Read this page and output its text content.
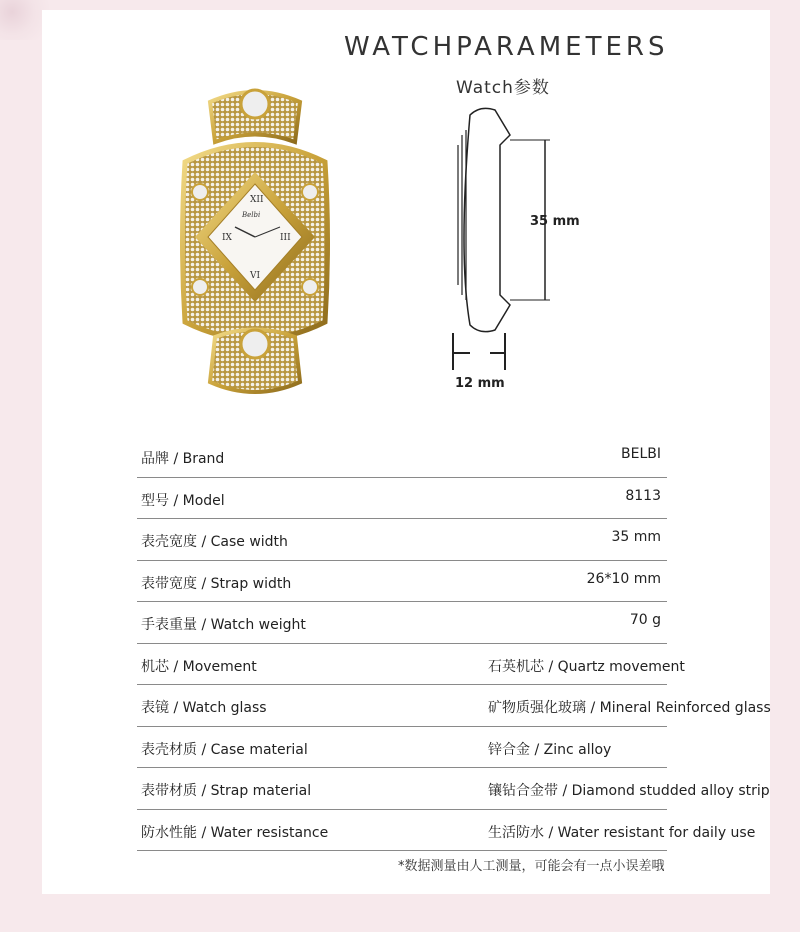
WATCHPARAMETERS
Watch参数
XII
IX	III
VI
Belbi	35 mm
12 mm
品牌 / Brand	BELBI
型号 / Model	8113
表壳宽度 / Case width	35 mm
表带宽度 / Strap width	26*10 mm
手表重量 / Watch weight	70 g
机芯 / Movement	石英机芯 / Quartz movement
表镜 / Watch glass	矿物质强化玻璃 / Mineral Reinforced glass
表壳材质 / Case material	锌合金 / Zinc alloy
表带材质 / Strap material	镶钻合金带 / Diamond studded alloy strip
防水性能 / Water resistance	生活防水 / Water resistant for daily use
*数据测量由人工测量，可能会有一点小误差哦
